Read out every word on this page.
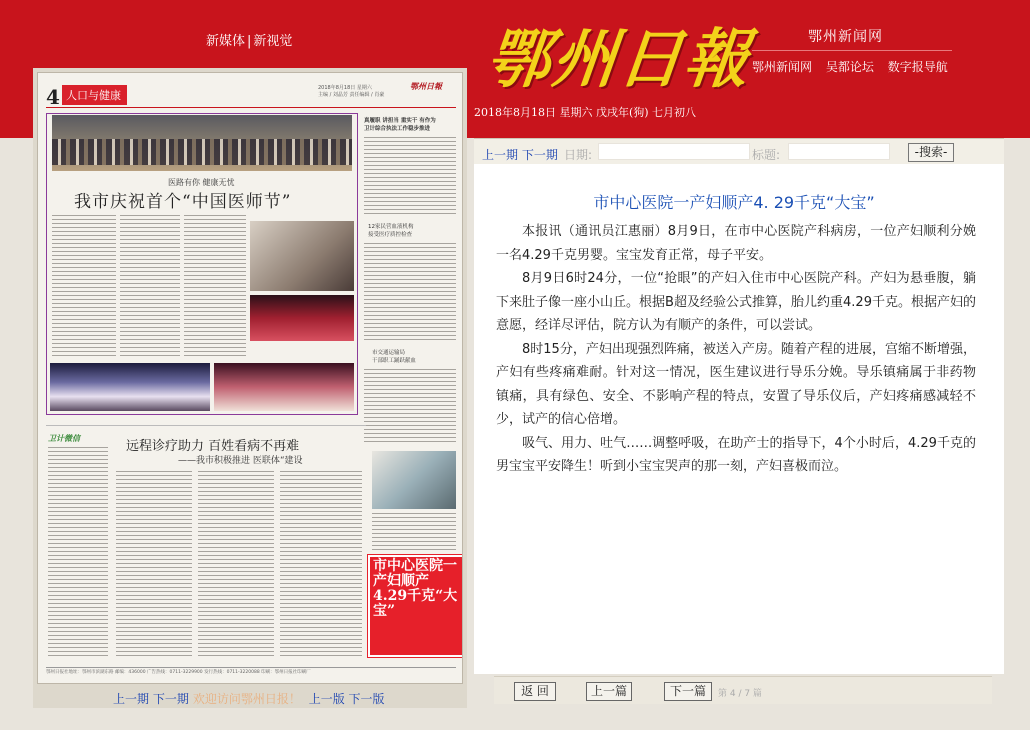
新媒体 | 新视觉	鄂州日報	鄂州新闻网
鄂州新闻网 吴都论坛 数字报导航
2018年8月18日 星期六 戊戌年(狗) 七月初八
4 人口与健康
2018年8月18日 星期六
主编 / 刘晶芳 责任编辑 / 肖豪
鄂州日報
医路有你 健康无忧
我市庆祝首个“中国医师节”
真履职 讲担当 重实干 有作为
卫计综合执法工作稳步推进
12家民营血液机构
接受医疗质控检查
市交通运输局
干部职工踊跃献血
卫计微信
远程诊疗助力 百姓看病不再难
——我市积极推进 医联体“建设
市中心医院一产妇顺产4.29千克“大宝”
鄂州日报社地址：鄂州市滨湖东路 邮编：436000 广告热线：0711-3229900 发行热线：0711-3220088 印刷：鄂州日报社印刷厂
上一期 下一期 欢迎访问鄂州日报！ 上一版 下一版
上一期 下一期 日期:	标题:	-搜索-
市中心医院一产妇顺产4. 29千克“大宝”

本报讯（通讯员江惠丽）8月9日，在市中心医院产科病房，一位产妇顺利分娩一名4.29千克男婴。宝宝发育正常，母子平安。

8月9日6时24分，一位“抢眼”的产妇入住市中心医院产科。产妇为悬垂腹，躺下来肚子像一座小山丘。根据B超及经验公式推算，胎儿约重4.29千克。根据产妇的意愿，经详尽评估，院方认为有顺产的条件，可以尝试。

8时15分，产妇出现强烈阵痛，被送入产房。随着产程的进展，宫缩不断增强，产妇有些疼痛难耐。针对这一情况，医生建议进行导乐分娩。导乐镇痛属于非药物镇痛，具有绿色、安全、不影响产程的特点，安置了导乐仪后，产妇疼痛感减轻不少，试产的信心倍增。

吸气、用力、吐气……调整呼吸，在助产士的指导下，4个小时后，4.29千克的男宝宝平安降生！听到小宝宝哭声的那一刻，产妇喜极而泣。

返 回	上一篇	下一篇	第 4 / 7 篇
